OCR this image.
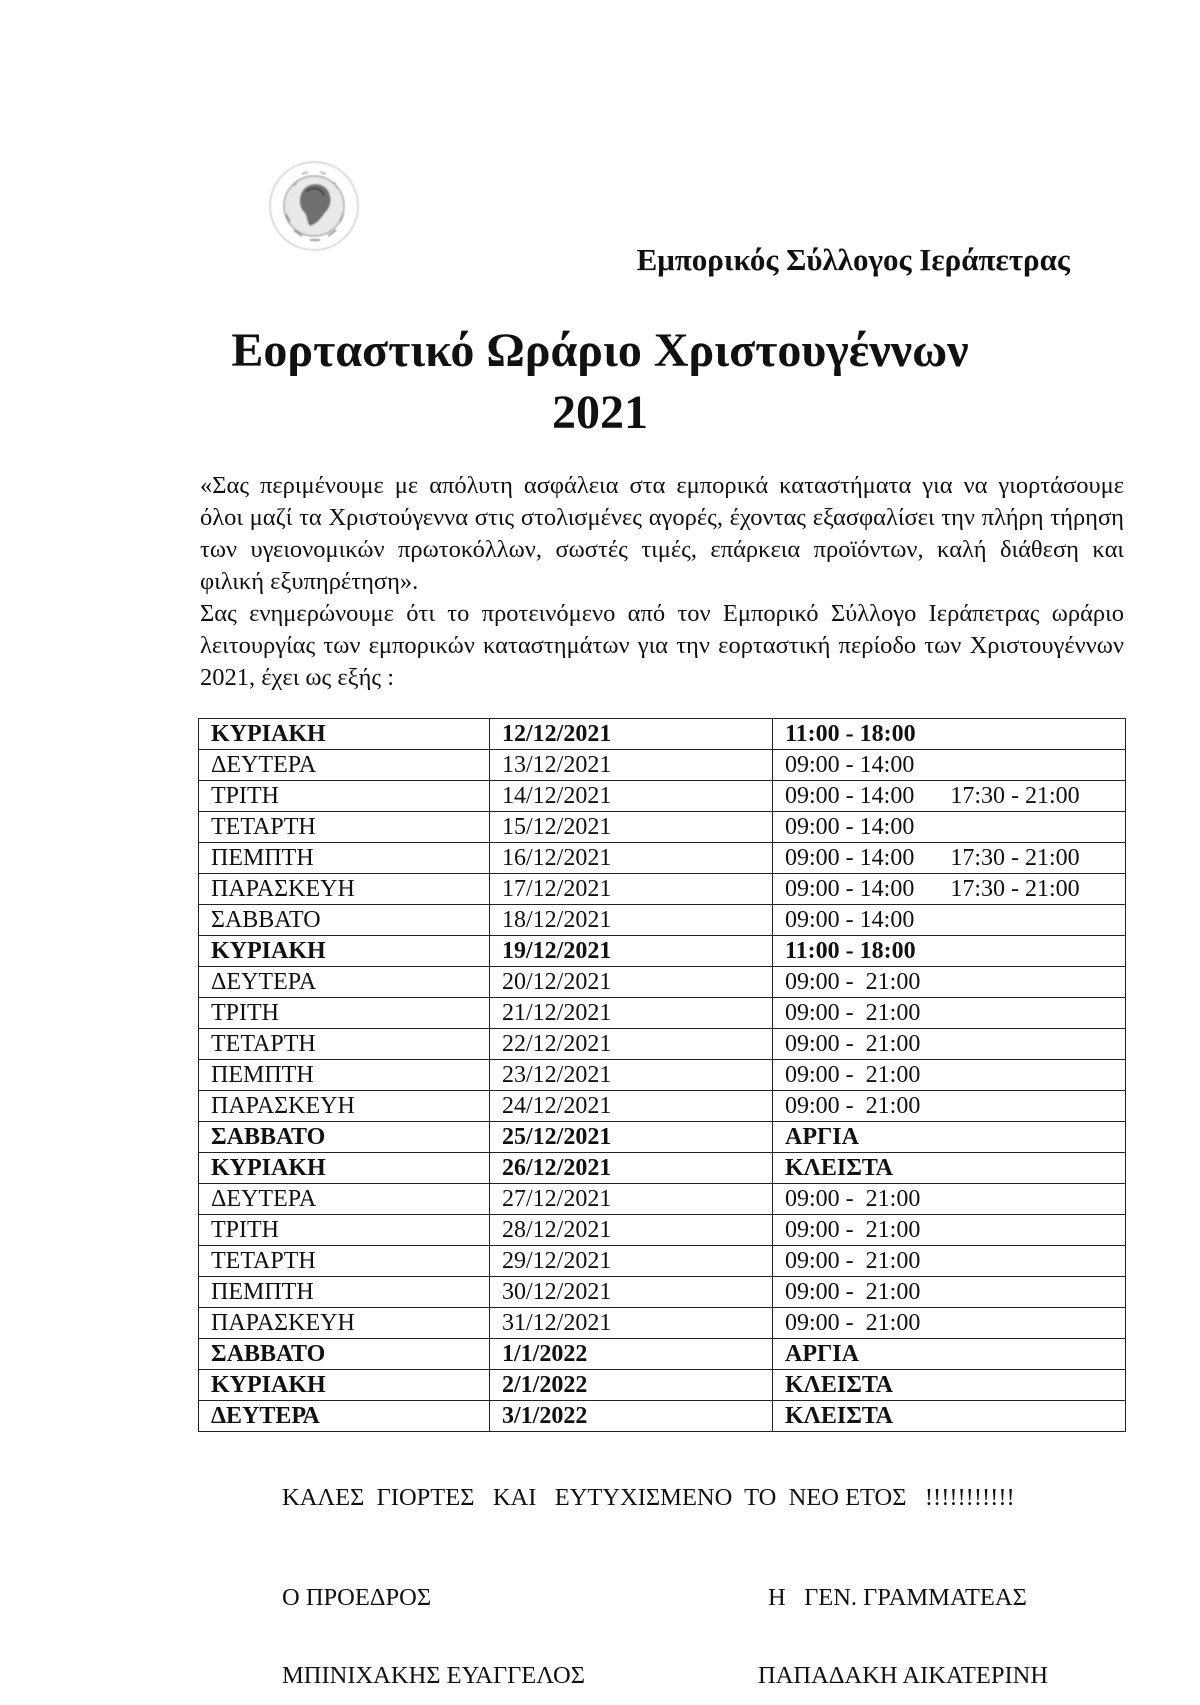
Εμπορικός Σύλλογος Ιεράπετρας
Εορταστικό Ωράριο Χριστουγέννων
2021

«Σας περιμένουμε με απόλυτη ασφάλεια στα εμπορικά καταστήματα για να γιορτάσουμε όλοι μαζί τα Χριστούγεννα στις στολισμένες αγορές, έχοντας εξασφαλίσει την πλήρη τήρηση των υγειονομικών πρωτοκόλλων, σωστές τιμές, επάρκεια προϊόντων, καλή διάθεση και φιλική εξυπηρέτηση».

Σας ενημερώνουμε ότι το προτεινόμενο από τον Εμπορικό Σύλλογο Ιεράπετρας ωράριο λειτουργίας των εμπορικών καταστημάτων για την εορταστική περίοδο των Χριστουγέννων 2021, έχει ως εξής :

ΚΥΡΙΑΚΗ	12/12/2021	11:00 - 18:00
ΔΕΥΤΕΡΑ	13/12/2021	09:00 - 14:00
ΤΡΙΤΗ	14/12/2021	09:00 - 14:00      17:30 - 21:00
ΤΕΤΑΡΤΗ	15/12/2021	09:00 - 14:00
ΠΕΜΠΤΗ	16/12/2021	09:00 - 14:00      17:30 - 21:00
ΠΑΡΑΣΚΕΥΗ	17/12/2021	09:00 - 14:00      17:30 - 21:00
ΣΑΒΒΑΤΟ	18/12/2021	09:00 - 14:00
ΚΥΡΙΑΚΗ	19/12/2021	11:00 - 18:00
ΔΕΥΤΕΡΑ	20/12/2021	09:00 -  21:00
ΤΡΙΤΗ	21/12/2021	09:00 -  21:00
ΤΕΤΑΡΤΗ	22/12/2021	09:00 -  21:00
ΠΕΜΠΤΗ	23/12/2021	09:00 -  21:00
ΠΑΡΑΣΚΕΥΗ	24/12/2021	09:00 -  21:00
ΣΑΒΒΑΤΟ	25/12/2021	ΑΡΓΙΑ
ΚΥΡΙΑΚΗ	26/12/2021	ΚΛΕΙΣΤΑ
ΔΕΥΤΕΡΑ	27/12/2021	09:00 -  21:00
ΤΡΙΤΗ	28/12/2021	09:00 -  21:00
ΤΕΤΑΡΤΗ	29/12/2021	09:00 -  21:00
ΠΕΜΠΤΗ	30/12/2021	09:00 -  21:00
ΠΑΡΑΣΚΕΥΗ	31/12/2021	09:00 -  21:00
ΣΑΒΒΑΤΟ	1/1/2022	ΑΡΓΙΑ
ΚΥΡΙΑΚΗ	2/1/2022	ΚΛΕΙΣΤΑ
ΔΕΥΤΕΡΑ	3/1/2022	ΚΛΕΙΣΤΑ
ΚΑΛΕΣ  ΓΙΟΡΤΕΣ   ΚΑΙ   ΕΥΤΥΧΙΣΜΕΝΟ  ΤΟ  ΝΕΟ ΕΤΟΣ   !!!!!!!!!!!
Ο ΠΡΟΕΔΡΟΣ	Η   ΓΕΝ. ΓΡΑΜΜΑΤΕΑΣ
ΜΠΙΝΙΧΑΚΗΣ ΕΥΑΓΓΕΛΟΣ	ΠΑΠΑΔΑΚΗ ΑΙΚΑΤΕΡΙΝΗ
